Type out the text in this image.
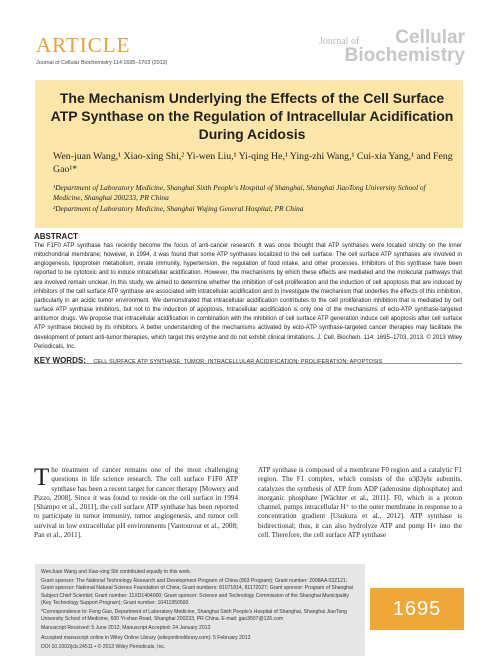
ARTICLE
Journal of Cellular Biochemistry 114:1695–1703 (2013)
Journal of	Cellular
Biochemistry
The Mechanism Underlying the Effects of the Cell Surface ATP Synthase on the Regulation of Intracellular Acidification During Acidosis
Wen-juan Wang,¹ Xiao-xing Shi,² Yi-wen Liu,¹ Yi-qing He,¹ Ying-zhi Wang,¹ Cui-xia Yang,¹ and Feng Gao¹*
¹Department of Laboratory Medicine, Shanghai Sixth People's Hospital of Shanghai, Shanghai JiaoTong University School of Medicine, Shanghai 200233, PR China
²Department of Laboratory Medicine, Shanghai Wujing General Hospital, PR China
ABSTRACT
The F1F0 ATP synthase has recently become the focus of anti-cancer research. It was once thought that ATP synthases were located strictly on the inner mitochondrial membrane; however, in 1994, it was found that some ATP synthases localized to the cell surface. The cell surface ATP synthases are involved in angiogenesis, lipoprotein metabolism, innate immunity, hypertension, the regulation of food intake, and other processes. Inhibitors of this synthase have been reported to be cytotoxic and to induce intracellular acidification. However, the mechanisms by which these effects are mediated and the molecular pathways that are involved remain unclear. In this study, we aimed to determine whether the inhibition of cell proliferation and the induction of cell apoptosis that are induced by inhibitors of the cell surface ATP synthase are associated with intracellular acidification and to investigate the mechanism that underlies the effects of this inhibition, particularly in an acidic tumor environment. We demonstrated that intracellular acidification contributes to the cell proliferation inhibition that is mediated by cell surface ATP synthase inhibitors, but not to the induction of apoptosis. Intracellular acidification is only one of the mechanisms of ecto-ATP synthase-targeted antitumor drugs. We propose that intracellular acidification in combination with the inhibition of cell surface ATP generation induce cell apoptosis after cell surface ATP synthase blocked by its inhibitors. A better understanding of the mechanisms activated by ecto-ATP synthase-targeted cancer therapies may facilitate the development of potent anti-tumor therapies, which target this enzyme and do not exhibit clinical limitations. J. Cell. Biochem. 114: 1695–1703, 2013. © 2013 Wiley Periodicals, Inc.
KEY WORDS: CELL SURFACE ATP SYNTHASE; TUMOR; INTRACELLULAR ACIDIFICATION; PROLIFERATION; APOPTOSIS
T he treatment of cancer remains one of the most challenging questions in life science research. The cell surface F1F0 ATP synthase has been a recent target for cancer therapy [Mowery and Pizzo, 2008]. Since it was found to reside on the cell surface in 1994 [Shampo et al., 2011], the cell surface ATP synthase has been reported to participate in tumor immunity, tumor angiogenesis, and tumor cell survival in low extracellular pH environments [Vantourout et al., 2008; Pan et al., 2011].
ATP synthase is composed of a membrane F0 region and a catalytic F1 region. The F1 complex, which consists of the α3β3γδε subunits, catalyzes the synthesis of ATP from ADP (adenosine diphosphate) and inorganic phosphate [Wächter et al., 2011]. F0, which is a proton channel, pumps intracellular H⁺ to the outer membrane in response to a concentration gradient [Usukura et al., 2012]. ATP synthase is bidirectional; thus, it can also hydrolyze ATP and pump H+ into the cell. Therefore, the cell surface ATP synthase
WenJuan Wang and Xiao-xing Shi contributed equally to this work.
Grant sponsor: The National Technology Research and Development Program of China (863 Program); Grant number: 2008AA 02Z121; Grant sponsor: National Natural Science Foundation of China; Grant numbers: 81071814, 81172027; Grant sponsor: Program of Shanghai Subject Chief Scientist; Grant number: 11XD1404000; Grant sponsor: Science and Technology Commission of the Shanghai Municipality (Key Technology Support Program); Grant number: 10411950500.
*Correspondence to: Feng Gao, Department of Laboratory Medicine, Shanghai Sixth People's Hospital of Shanghai, Shanghai JiaoTong University School of Medicine, 600 Yi-shan Road, Shanghai 200233, PR China. E-mail: gao3507@126.com
Manuscript Received: 5 June 2012; Manuscript Accepted: 24 January 2013
Accepted manuscript online in Wiley Online Library (wileyonlinelibrary.com): 5 February 2013
DOI 10.1002/jcb.24511 • © 2013 Wiley Periodicals, Inc.
1695
